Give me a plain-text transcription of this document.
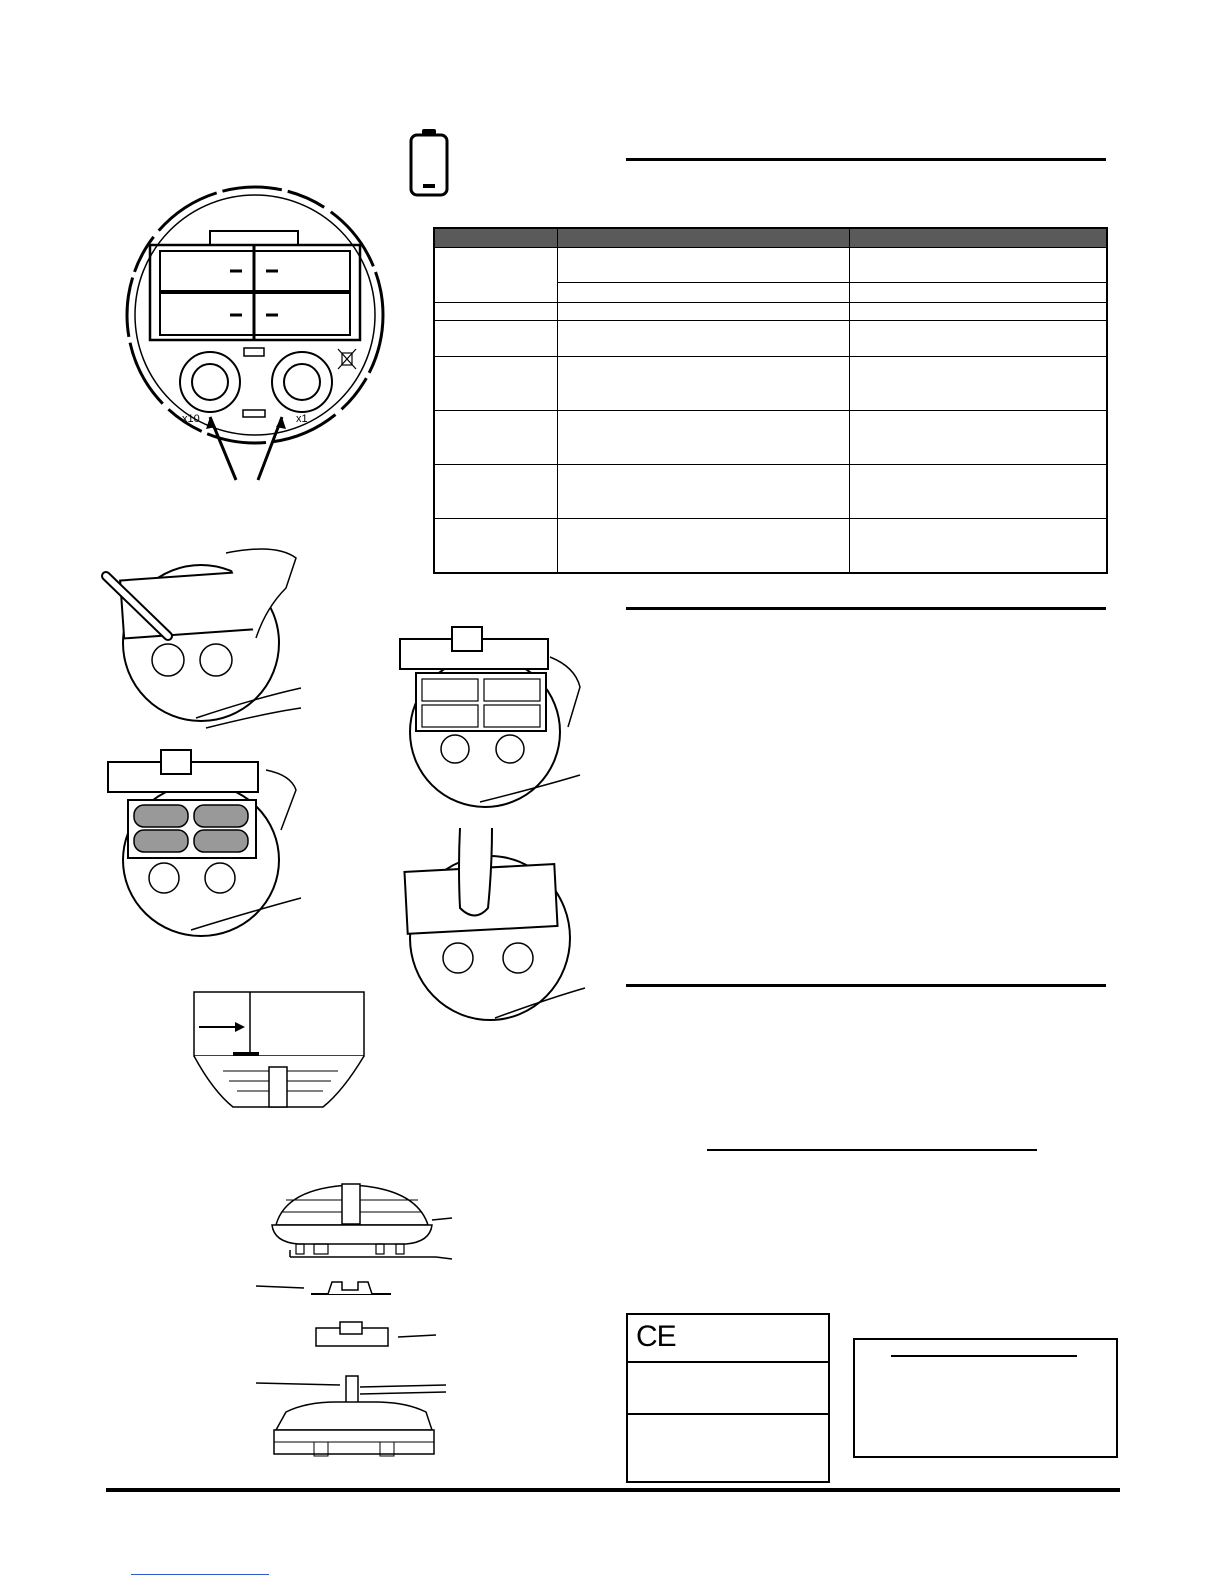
x10	x1
CE
